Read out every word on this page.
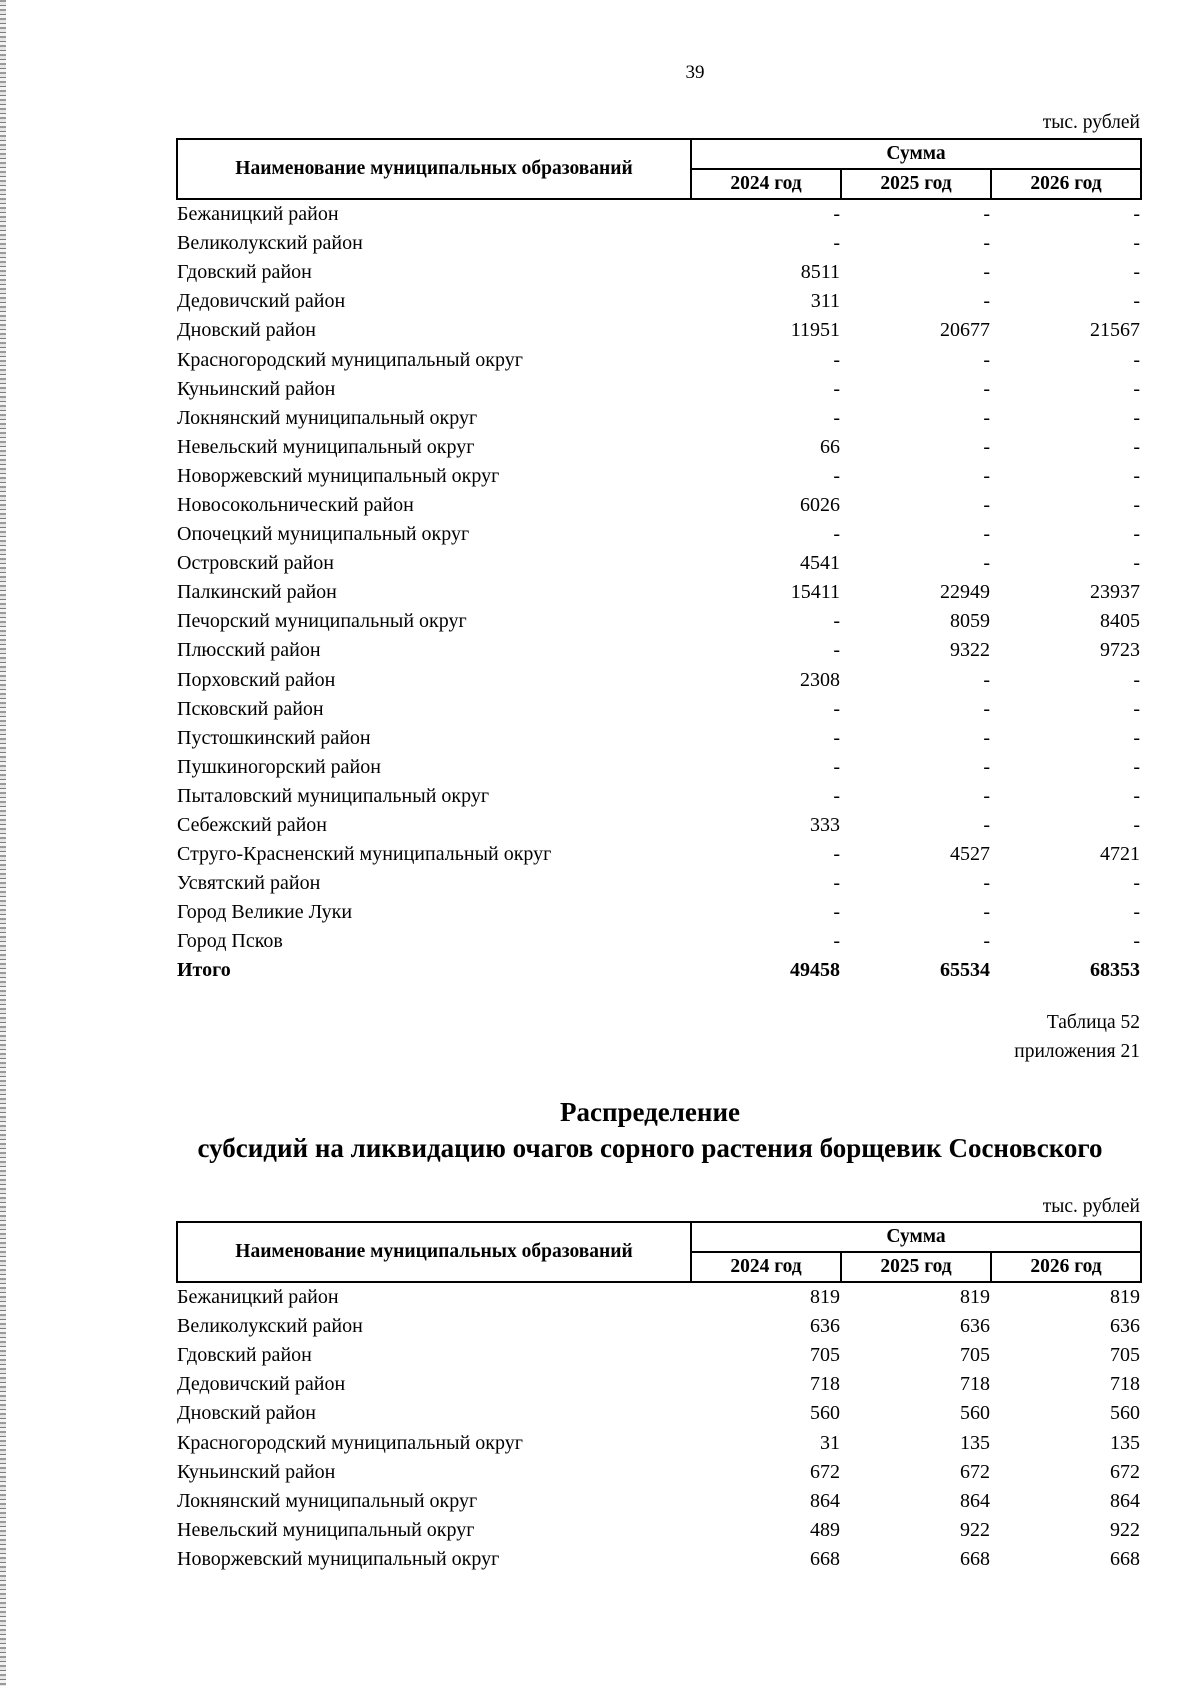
39
тыс. рублей
Наименование муниципальных образований	Сумма		
	2024 год	2025 год	2026 год
Бежаницкий район	-	-	-
Великолукский район	-	-	-
Гдовский район	8511	-	-
Дедовичский район	311	-	-
Дновский район	11951	20677	21567
Красногородский муниципальный округ	-	-	-
Куньинский район	-	-	-
Локнянский муниципальный округ	-	-	-
Невельский муниципальный округ	66	-	-
Новоржевский муниципальный округ	-	-	-
Новосокольнический район	6026	-	-
Опочецкий муниципальный округ	-	-	-
Островский район	4541	-	-
Палкинский район	15411	22949	23937
Печорский муниципальный округ	-	8059	8405
Плюсский район	-	9322	9723
Порховский район	2308	-	-
Псковский район	-	-	-
Пустошкинский район	-	-	-
Пушкиногорский район	-	-	-
Пыталовский муниципальный округ	-	-	-
Себежский район	333	-	-
Струго-Красненский муниципальный округ	-	4527	4721
Усвятский район	-	-	-
Город Великие Луки	-	-	-
Город Псков	-	-	-
Итого	49458	65534	68353
Таблица 52
приложения 21
Распределение
субсидий на ликвидацию очагов сорного растения борщевик Сосновского
тыс. рублей
Наименование муниципальных образований	Сумма		
	2024 год	2025 год	2026 год
Бежаницкий район	819	819	819
Великолукский район	636	636	636
Гдовский район	705	705	705
Дедовичский район	718	718	718
Дновский район	560	560	560
Красногородский муниципальный округ	31	135	135
Куньинский район	672	672	672
Локнянский муниципальный округ	864	864	864
Невельский муниципальный округ	489	922	922
Новоржевский муниципальный округ	668	668	668
